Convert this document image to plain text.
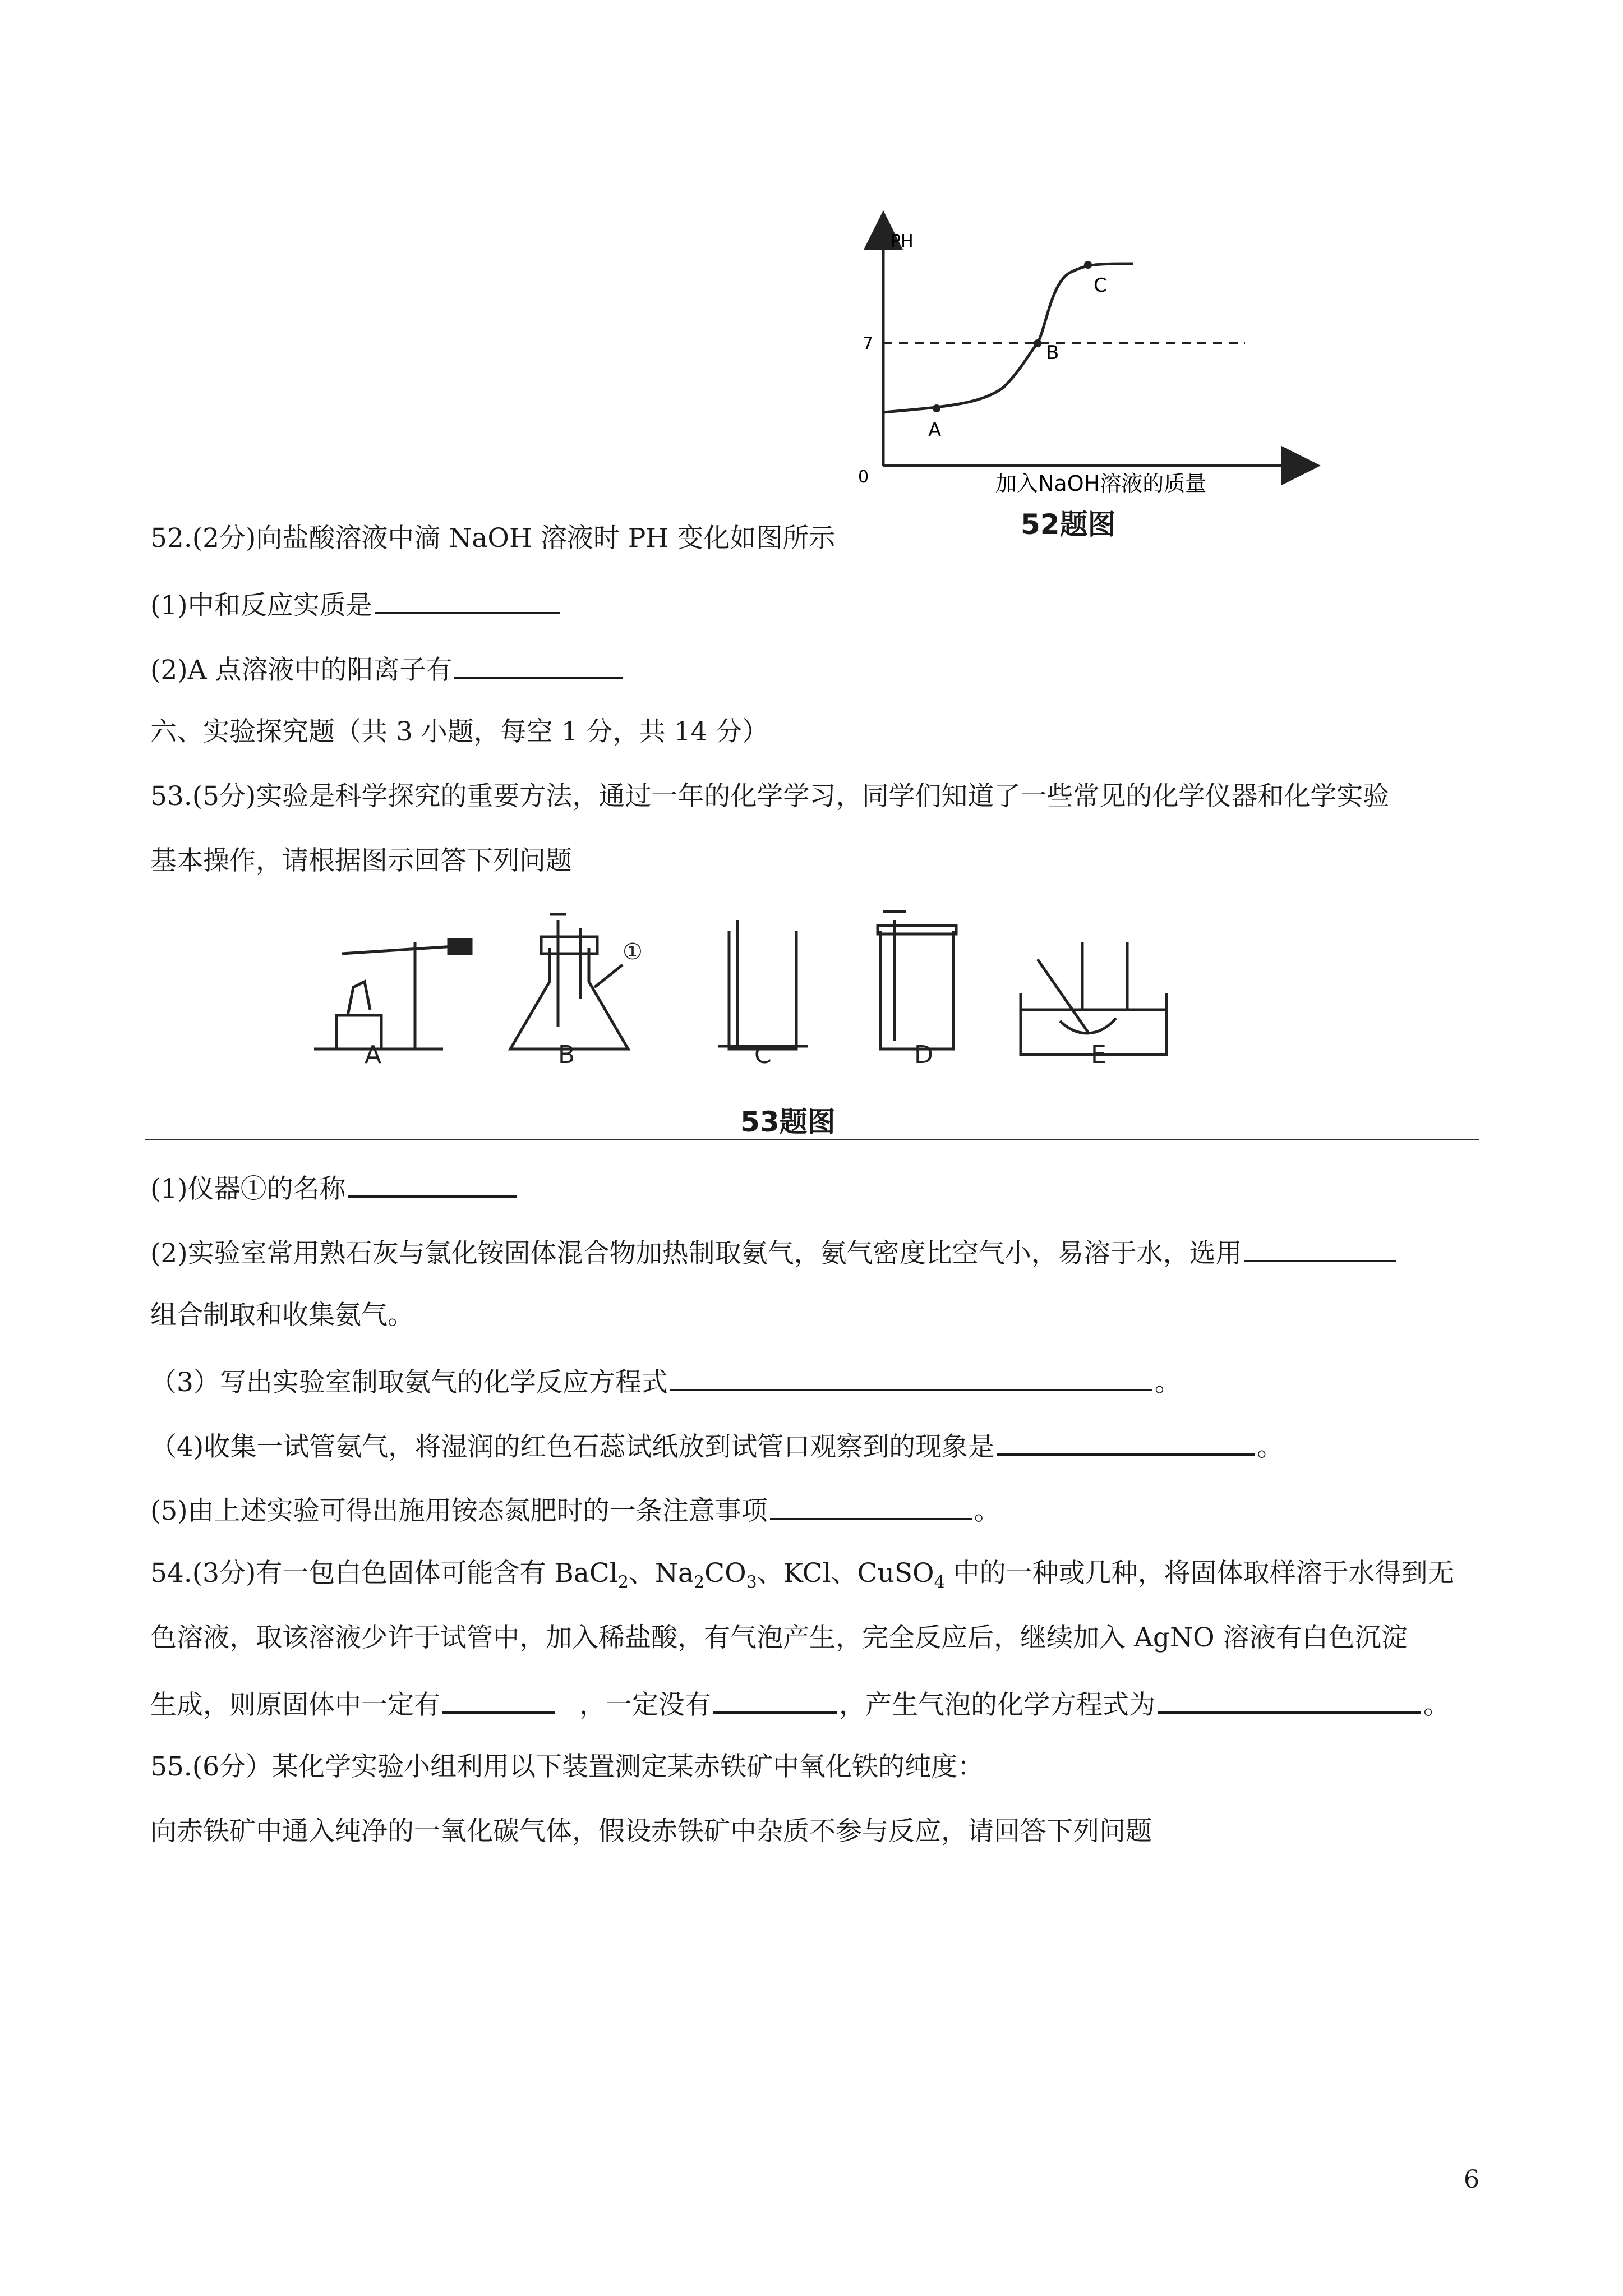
PH
7
0
A
B
C
加入NaOH溶液的质量
52题图
52.(2分)向盐酸溶液中滴 NaOH 溶液时 PH 变化如图所示
(1)中和反应实质是
(2)A 点溶液中的阳离子有
六、实验探究题（共 3 小题，每空 1 分，共 14 分）
53.(5分)实验是科学探究的重要方法，通过一年的化学学习，同学们知道了一些常见的化学仪器和化学实验
基本操作，请根据图示回答下列问题
①
A	B	C	D	E
53题图
(1)仪器①的名称
(2)实验室常用熟石灰与氯化铵固体混合物加热制取氨气，氨气密度比空气小，易溶于水，选用
组合制取和收集氨气。
（3）写出实验室制取氨气的化学反应方程式	。
（4)收集一试管氨气，将湿润的红色石蕊试纸放到试管口观察到的现象是	。
(5)由上述实验可得出施用铵态氮肥时的一条注意事项	。
54.(3分)有一包白色固体可能含有 BaCl$_2$、$Na_2CO_3$、KCl、CuSO$_4$ 中的一种或几种，将固体取样溶于水得到无
色溶液，取该溶液少许于试管中，加入稀盐酸，有气泡产生，完全反应后，继续加入 AgNO 溶液有白色沉淀
生成，则原固体中一定有	，一定没有	，产生气泡的化学方程式为	。
55.(6分）某化学实验小组利用以下装置测定某赤铁矿中氧化铁的纯度：
向赤铁矿中通入纯净的一氧化碳气体，假设赤铁矿中杂质不参与反应，请回答下列问题
6
